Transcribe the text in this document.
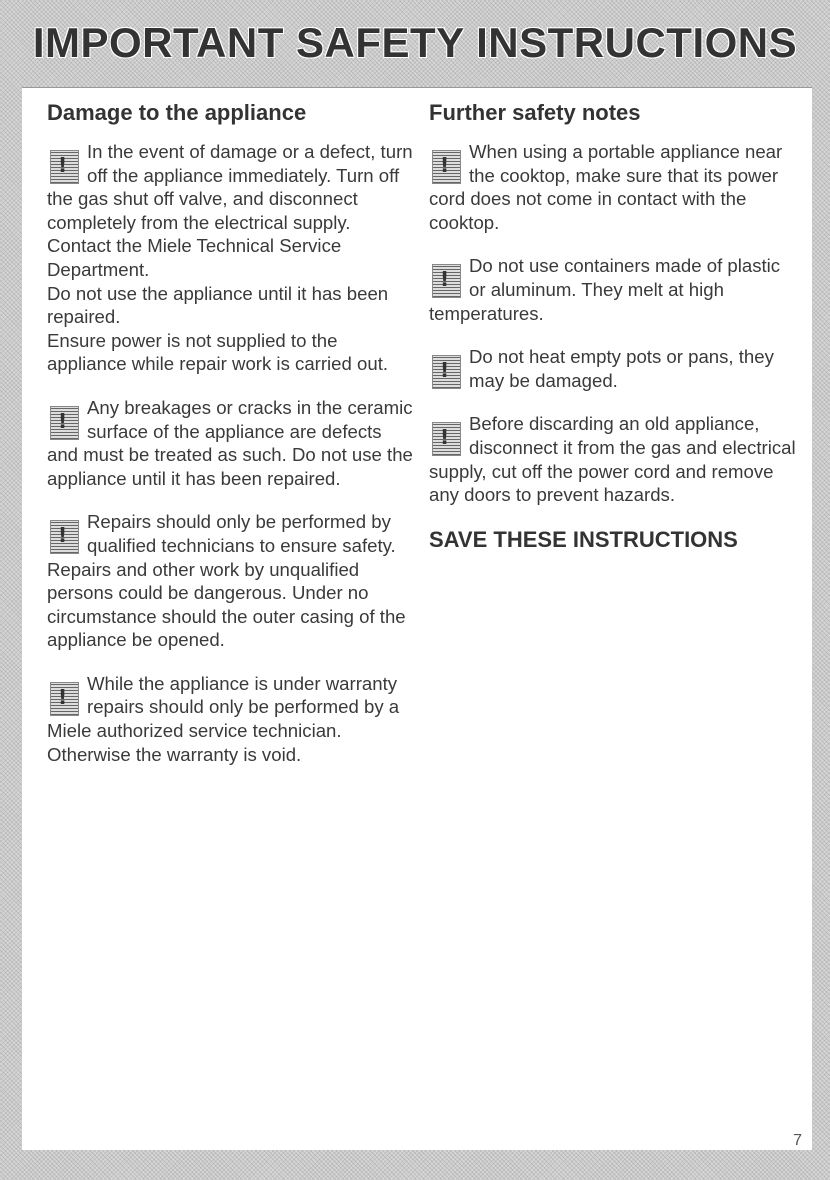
IMPORTANT SAFETY INSTRUCTIONS
Damage to the appliance

!
In the event of damage or a defect, turn off the appliance immediately. Turn off the gas shut off valve, and disconnect completely from the electrical supply. Contact the Miele Technical Service Department.

Do not use the appliance until it has been repaired.

Ensure power is not supplied to the appliance while repair work is carried out.

!
Any breakages or cracks in the ceramic surface of the appliance are defects and must be treated as such. Do not use the appliance until it has been repaired.

!
Repairs should only be performed by qualified technicians to ensure safety. Repairs and other work by unqualified persons could be dangerous. Under no circumstance should the outer casing of the appliance be opened.

!
While the appliance is under warranty repairs should only be performed by a Miele authorized service technician. Otherwise the warranty is void.

Further safety notes

!
When using a portable appliance near the cooktop, make sure that its power cord does not come in contact with the cooktop.

!
Do not use containers made of plastic or aluminum. They melt at high temperatures.

!
Do not heat empty pots or pans, they may be damaged.

!
Before discarding an old appliance, disconnect it from the gas and electrical supply, cut off the power cord and remove any doors to prevent hazards.

SAVE THESE INSTRUCTIONS
7
